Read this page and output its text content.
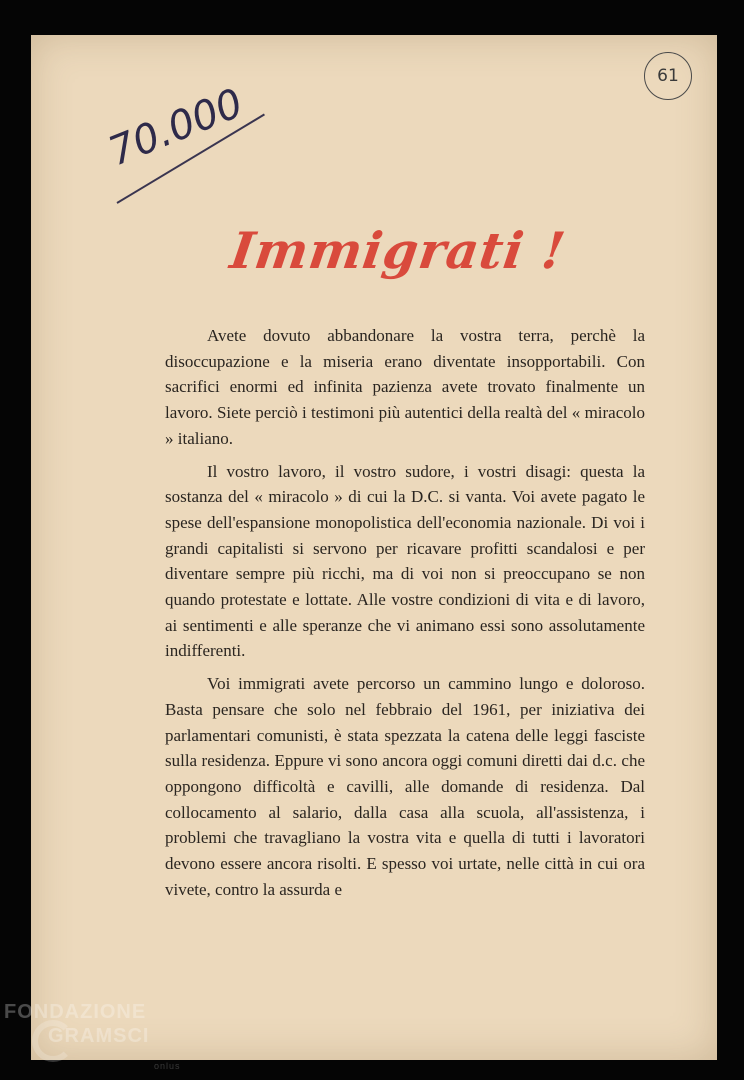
70.000

61
Immigrati !

Avete dovuto abbandonare la vostra terra, perchè la disoccupazione e la miseria erano diventate insopportabili. Con sacrifici enormi ed infinita pazienza avete trovato finalmente un lavoro. Siete perciò i testimoni più autentici della realtà del « miracolo » italiano.

Il vostro lavoro, il vostro sudore, i vostri disagi: questa la sostanza del « miracolo » di cui la D.C. si vanta. Voi avete pagato le spese dell'espansione monopolistica dell'economia nazionale. Di voi i grandi capitalisti si servono per ricavare profitti scandalosi e per diventare sempre più ricchi, ma di voi non si preoccupano se non quando protestate e lottate. Alle vostre condizioni di vita e di lavoro, ai sentimenti e alle speranze che vi animano essi sono assolutamente indifferenti.

Voi immigrati avete percorso un cammino lungo e doloroso. Basta pensare che solo nel febbraio del 1961, per iniziativa dei parlamentari comunisti, è stata spezzata la catena delle leggi fasciste sulla residenza. Eppure vi sono ancora oggi comuni diretti dai d.c. che oppongono difficoltà e cavilli, alle domande di residenza. Dal collocamento al salario, dalla casa alla scuola, all'assistenza, i problemi che travagliano la vostra vita e quella di tutti i lavoratori devono essere ancora risolti. E spesso voi urtate, nelle città in cui ora vivete, contro la assurda e

FONDAZIONE
GRAMSCI
onlus
